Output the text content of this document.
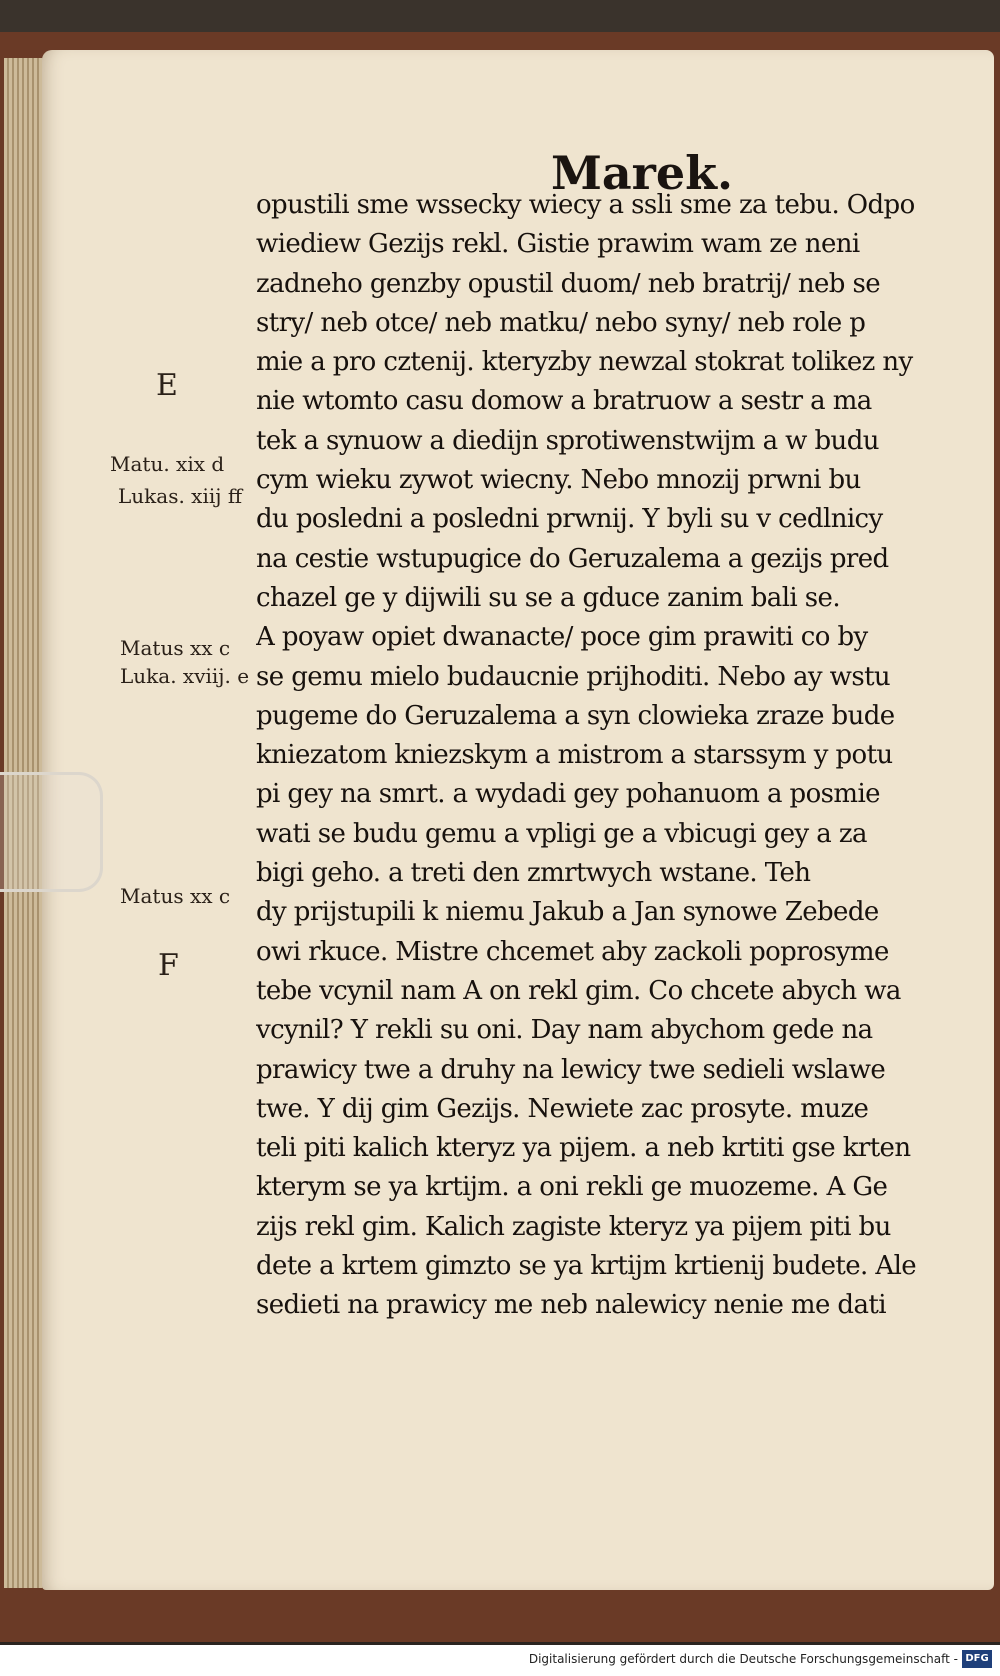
Marek.
opustili sme wssecky wiecy a ssli sme za tebu. Odpo
wiediew Gezijs rekl. Gistie prawim wam ze neni
zadneho genzby opustil duom/ neb bratrij/ neb se
stry/ neb otce/ neb matku/ nebo syny/ neb role p
mie a pro cztenij. kteryzby newzal stokrat tolikez ny
nie wtomto casu domow a bratruow a sestr a ma
tek a synuow a diedijn sprotiwenstwijm a w budu
cym wieku zywot wiecny. Nebo mnozij prwni bu
du posledni a posledni prwnij. Y byli su v cedlnicy
na cestie wstupugice do Geruzalema a gezijs pred
chazel ge y dijwili su se a gduce zanim bali se.
A poyaw opiet dwanacte/ poce gim prawiti co by
se gemu mielo budaucnie prijhoditi. Nebo ay wstu
pugeme do Geruzalema a syn clowieka zraze bude
kniezatom kniezskym a mistrom a starssym y potu
pi gey na smrt. a wydadi gey pohanuom a posmie
wati se budu gemu a vpligi ge a vbicugi gey a za
bigi geho. a treti den zmrtwych wstane. Teh
dy prijstupili k niemu Jakub a Jan synowe Zebede
owi rkuce. Mistre chcemet aby zackoli poprosyme
tebe vcynil nam A on rekl gim. Co chcete abych wa
vcynil? Y rekli su oni. Day nam abychom gede na
prawicy twe a druhy na lewicy twe sedieli wslawe
twe. Y dij gim Gezijs. Newiete zac prosyte. muze
teli piti kalich kteryz ya pijem. a neb krtiti gse krten
kterym se ya krtijm. a oni rekli ge muozeme. A Ge
zijs rekl gim. Kalich zagiste kteryz ya pijem piti bu
dete a krtem gimzto se ya krtijm krtienij budete. Ale
sedieti na prawicy me neb nalewicy nenie me dati
E
Matu. xix d
Lukas. xiij ff
Matus xx c
Luka. xviij. e
Matus xx c
F
Digitalisierung gefördert durch die Deutsche Forschungsgemeinschaft - DFG
